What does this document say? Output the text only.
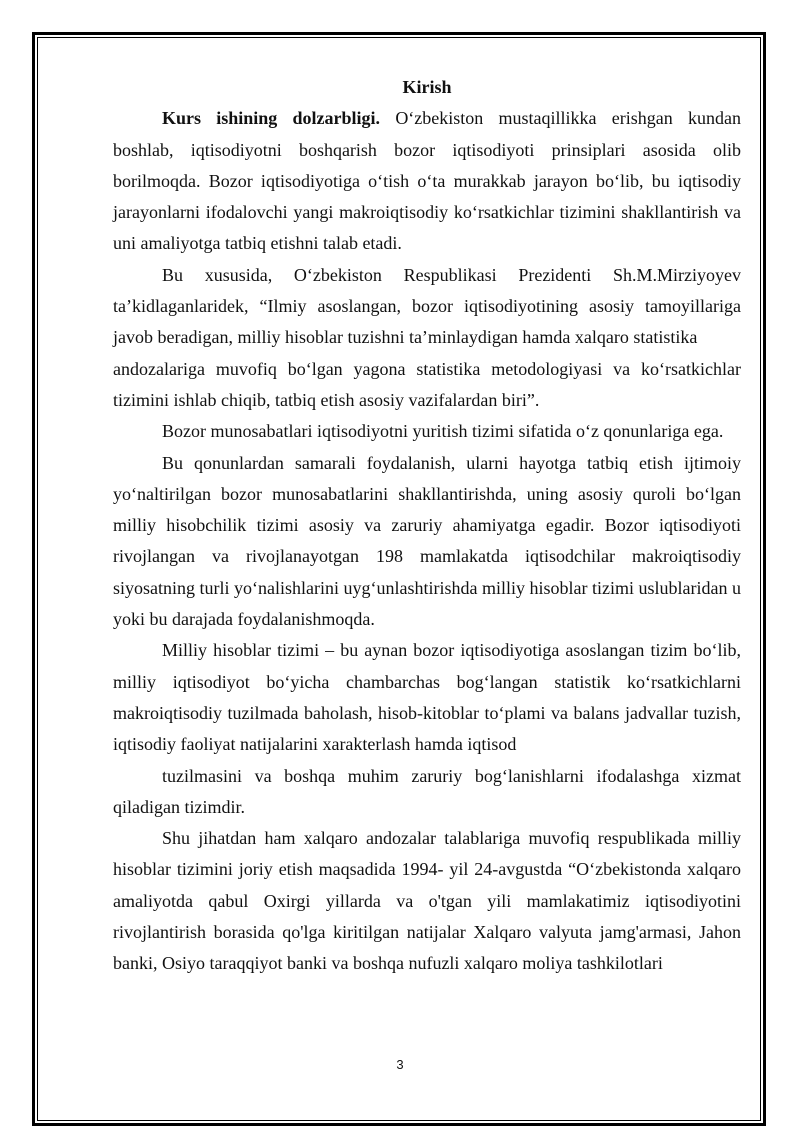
Kirish

Kurs ishining dolzarbligi. O‘zbekiston mustaqillikka erishgan kundan boshlab, iqtisodiyotni boshqarish bozor iqtisodiyoti prinsiplari asosida olib borilmoqda. Bozor iqtisodiyotiga o‘tish o‘ta murakkab jarayon bo‘lib, bu iqtisodiy jarayonlarni ifodalovchi yangi makroiqtisodiy ko‘rsatkichlar tizimini shakllantirish va uni amaliyotga tatbiq etishni talab etadi.

Bu xususida, O‘zbekiston Respublikasi Prezidenti Sh.M.Mirziyoyev ta’kidlaganlaridek, “Ilmiy asoslangan, bozor iqtisodiyotining asosiy tamoyillariga javob beradigan, milliy hisoblar tuzishni ta’minlaydigan hamda xalqaro statistika

andozalariga muvofiq bo‘lgan yagona statistika metodologiyasi va ko‘rsatkichlar tizimini ishlab chiqib, tatbiq etish asosiy vazifalardan biri”.

Bozor munosabatlari iqtisodiyotni yuritish tizimi sifatida o‘z qonunlariga ega.

Bu qonunlardan samarali foydalanish, ularni hayotga tatbiq etish ijtimoiy yo‘naltirilgan bozor munosabatlarini shakllantirishda, uning asosiy quroli bo‘lgan milliy hisobchilik tizimi asosiy va zaruriy ahamiyatga egadir. Bozor iqtisodiyoti rivojlangan va rivojlanayotgan 198 mamlakatda iqtisodchilar makroiqtisodiy siyosatning turli yo‘nalishlarini uyg‘unlashtirishda milliy hisoblar tizimi uslublaridan u yoki bu darajada foydalanishmoqda.

Milliy hisoblar tizimi – bu aynan bozor iqtisodiyotiga asoslangan tizim bo‘lib, milliy iqtisodiyot bo‘yicha chambarchas bog‘langan statistik ko‘rsatkichlarni makroiqtisodiy tuzilmada baholash, hisob-kitoblar to‘plami va balans jadvallar tuzish, iqtisodiy faoliyat natijalarini xarakterlash hamda iqtisod

tuzilmasini va boshqa muhim zaruriy bog‘lanishlarni ifodalashga xizmat qiladigan tizimdir.

Shu jihatdan ham xalqaro andozalar talablariga muvofiq respublikada milliy hisoblar tizimini joriy etish maqsadida 1994- yil 24-avgustda “O‘zbekistonda xalqaro amaliyotda qabul Oxirgi yillarda va o'tgan yili mamlakatimiz iqtisodiyotini rivojlantirish borasida qo'lga kiritilgan natijalar Xalqaro valyuta jamg'armasi, Jahon banki, Osiyo taraqqiyot banki va boshqa nufuzli xalqaro moliya tashkilotlari

3
